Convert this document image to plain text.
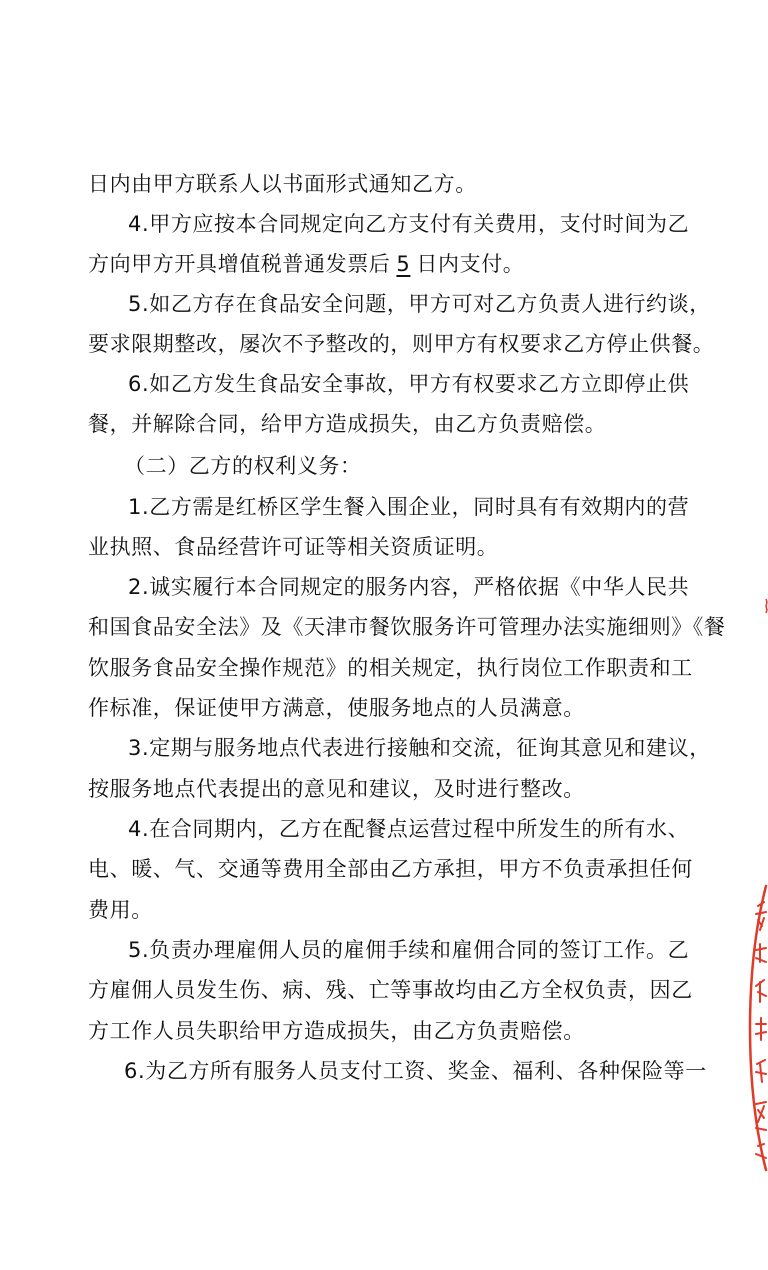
日内由甲方联系人以书面形式通知乙方。
4.甲方应按本合同规定向乙方支付有关费用，支付时间为乙
方向甲方开具增值税普通发票后 5 日内支付。
5.如乙方存在食品安全问题，甲方可对乙方负责人进行约谈，
要求限期整改，屡次不予整改的，则甲方有权要求乙方停止供餐。
6.如乙方发生食品安全事故，甲方有权要求乙方立即停止供
餐，并解除合同，给甲方造成损失，由乙方负责赔偿。
（二）乙方的权利义务：
1.乙方需是红桥区学生餐入围企业，同时具有有效期内的营
业执照、食品经营许可证等相关资质证明。
2.诚实履行本合同规定的服务内容，严格依据《中华人民共
和国食品安全法》及《天津市餐饮服务许可管理办法实施细则》《餐
饮服务食品安全操作规范》的相关规定，执行岗位工作职责和工
作标准，保证使甲方满意，使服务地点的人员满意。
3.定期与服务地点代表进行接触和交流，征询其意见和建议，
按服务地点代表提出的意见和建议，及时进行整改。
4.在合同期内，乙方在配餐点运营过程中所发生的所有水、
电、暖、气、交通等费用全部由乙方承担，甲方不负责承担任何
费用。
5.负责办理雇佣人员的雇佣手续和雇佣合同的签订工作。乙
方雇佣人员发生伤、病、残、亡等事故均由乙方全权负责，因乙
方工作人员失职给甲方造成损失，由乙方负责赔偿。
6.为乙方所有服务人员支付工资、奖金、福利、各种保险等一
